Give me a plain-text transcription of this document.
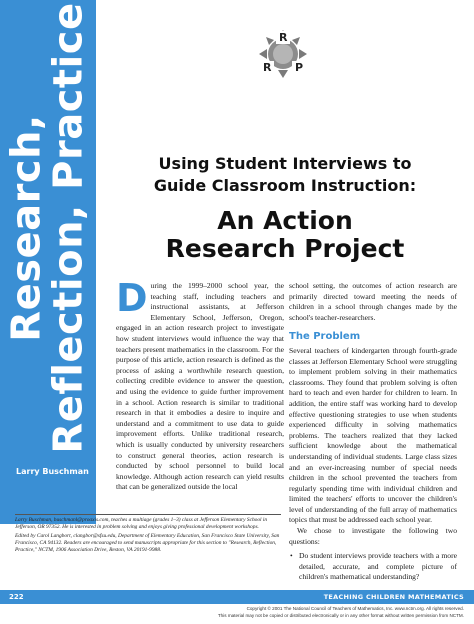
Research,
Reflection, Practice
Larry Buschman
R
R P
Using Student Interviews to
Guide Classroom Instruction:
An Action
Research Project
D uring the 1999–2000 school year, the teaching staff, including teachers and instructional assistants, at Jefferson Elementary School, Jefferson, Oregon, engaged in an action research project to investigate how student interviews would influence the way that teachers present mathematics in the classroom. For the purpose of this article, action research is defined as the process of asking a worthwhile research question, collecting credible evidence to answer the question, and using the evidence to guide further improvement in a school. Action research is similar to traditional research in that it embodies a desire to inquire and understand and a commitment to use data to guide improvement efforts. Unlike traditional research, which is usually conducted by university researchers to construct general theories, action research is conducted by school personnel to build local knowledge. Although action research can yield results that can be generalized outside the local

school setting, the outcomes of action research are primarily directed toward meeting the needs of children in a school through changes made by the school's teacher-researchers.

The Problem

Several teachers of kindergarten through fourth-grade classes at Jefferson Elementary School were struggling to implement problem solving in their mathematics classrooms. They found that problem solving is often hard to teach and even harder for children to learn. In addition, the entire staff was working hard to develop effective questioning strategies to use when students experienced difficulty in solving mathematics problems. The teachers realized that they lacked sufficient knowledge about the mathematical understanding of individual students. Large class sizes and an ever-increasing number of special needs children in the school prevented the teachers from regularly spending time with individual children and limited the teachers' efforts to uncover the children's level of understanding of the full array of mathematics topics that must be addressed each school year.

We chose to investigate the following two questions:

• Do student interviews provide teachers with a more detailed, accurate, and complete picture of children's mathematical understanding?

Larry Buschman, buschmanl@proaxis.com, teaches a multiage (grades 1–3) class at Jefferson Elementary School in Jefferson, OR 97352. He is interested in problem solving and enjoys giving professional development workshops.

Edited by Carol Langbort, clangbor@sfsu.edu, Department of Elementary Education, San Francisco State University, San Francisco, CA 94132. Readers are encouraged to send manuscripts appropriate for this section to "Research, Reflection, Practice," NCTM, 1906 Association Drive, Reston, VA 20191-9988.

222	TEACHING CHILDREN MATHEMATICS
Copyright © 2001 The National Council of Teachers of Mathematics, Inc. www.nctm.org. All rights reserved.
This material may not be copied or distributed electronically or in any other format without written permission from NCTM.
